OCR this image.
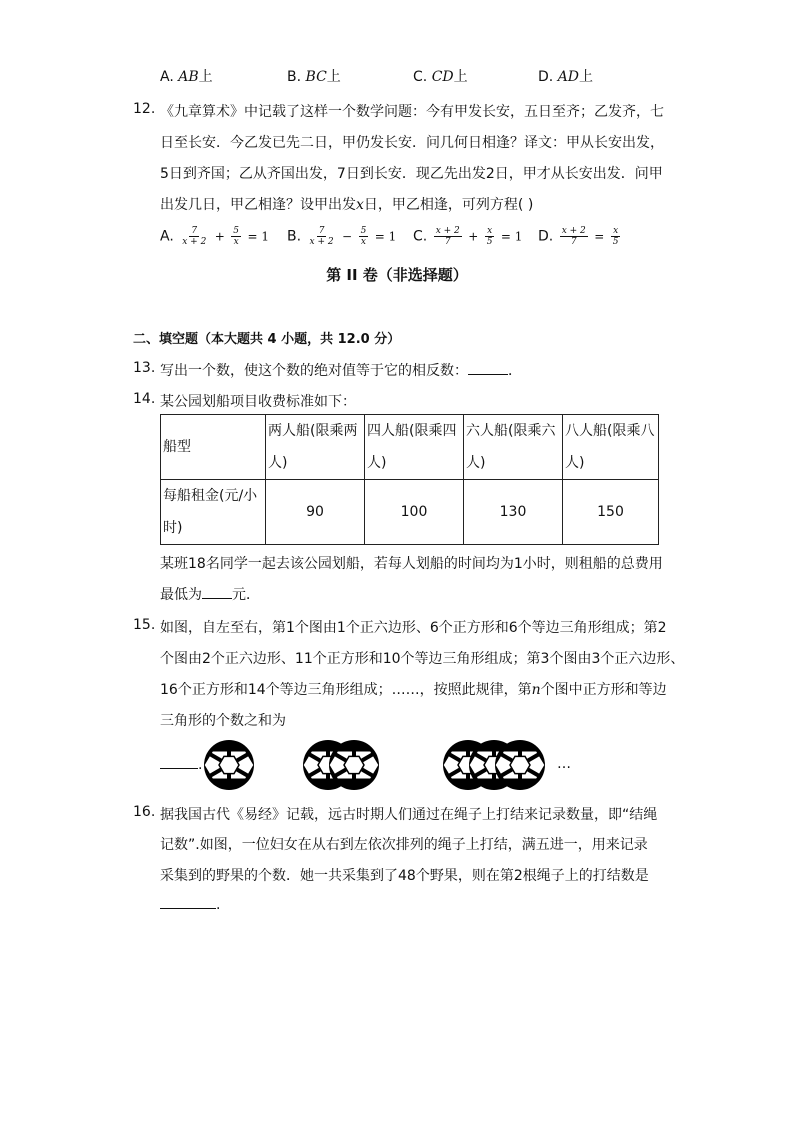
A. AB上	B. BC上	C. CD上	D. AD上
12. 《九章算术》中记载了这样一个数学问题：今有甲发长安，五日至齐；乙发齐，七
日至长安．今乙发已先二日，甲仍发长安．问几何日相逢？译文：甲从长安出发，
5日到齐国；乙从齐国出发，7日到长安．现乙先出发2日，甲才从长安出发．问甲
出发几日，甲乙相逢？设甲出发x日，甲乙相逢，可列方程( )
A. $\frac{7}{x + 2} + \frac{5}{x} = 1$ B. $\frac{7}{x + 2} - \frac{5}{x} = 1$ C. $\frac{x + 2}{7} + \frac{x}{5} = 1$ D. $\frac{x + 2}{7} = \frac{x}{5}$
第 II 卷（非选择题）
二、填空题（本大题共 4 小题，共 12.0 分）
13. 写出一个数，使这个数的绝对值等于它的相反数：	．
14. 某公园划船项目收费标准如下：
船型	两人船(限乘两人)	四人船(限乘四人)	六人船(限乘六人)	八人船(限乘八人)

每船租金(元/小时)	90	100	130	150
某班18名同学一起去该公园划船，若每人划船的时间均为1小时，则租船的总费用
最低为 元．
15. 如图，自左至右，第1个图由1个正六边形、6个正方形和6个等边三角形组成；第2
个图由2个正六边形、11个正方形和10个等边三角形组成；第3个图由3个正六边形、
16个正方形和14个等边三角形组成；……，按照此规律，第n个图中正方形和等边
三角形的个数之和为
.	…
16. 据我国古代《易经》记载，远古时期人们通过在绳子上打结来记录数量，即“结绳
记数”.如图，一位妇女在从右到左依次排列的绳子上打结，满五进一，用来记录
采集到的野果的个数．她一共采集到了48个野果，则在第2根绳子上的打结数是
.
